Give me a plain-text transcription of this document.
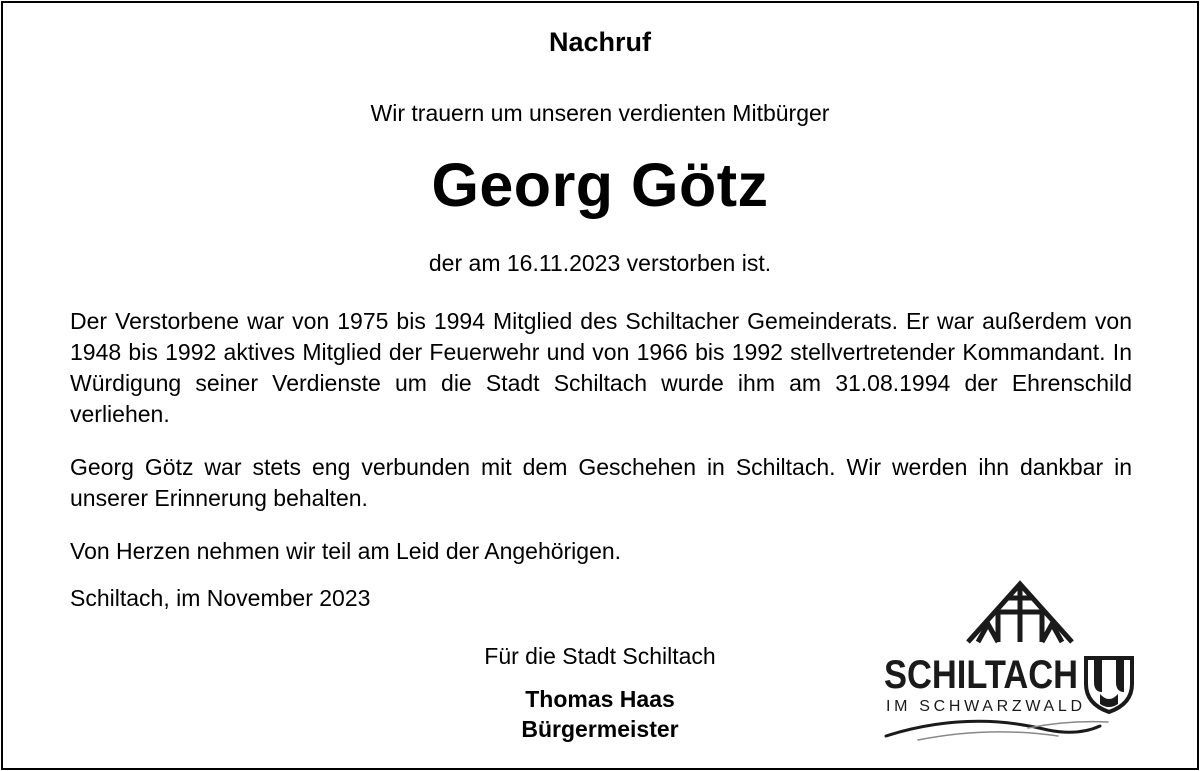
Nachruf

Wir trauern um unseren verdienten Mitbürger

Georg Götz

der am 16.11.2023 verstorben ist.

Der Verstorbene war von 1975 bis 1994 Mitglied des Schiltacher Gemeinderats. Er war außerdem von 1948 bis 1992 aktives Mitglied der Feuerwehr und von 1966 bis 1992 stellvertretender Kommandant. In Würdigung seiner Verdienste um die Stadt Schiltach wurde ihm am 31.08.1994 der Ehrenschild verliehen.

Georg Götz war stets eng verbunden mit dem Geschehen in Schiltach. Wir werden ihn dankbar in unserer Erinnerung behalten.

Von Herzen nehmen wir teil am Leid der Angehörigen.

Schiltach, im November 2023

Für die Stadt Schiltach

Thomas Haas

Bürgermeister

SCHILTACH
IM SCHWARZWALD
